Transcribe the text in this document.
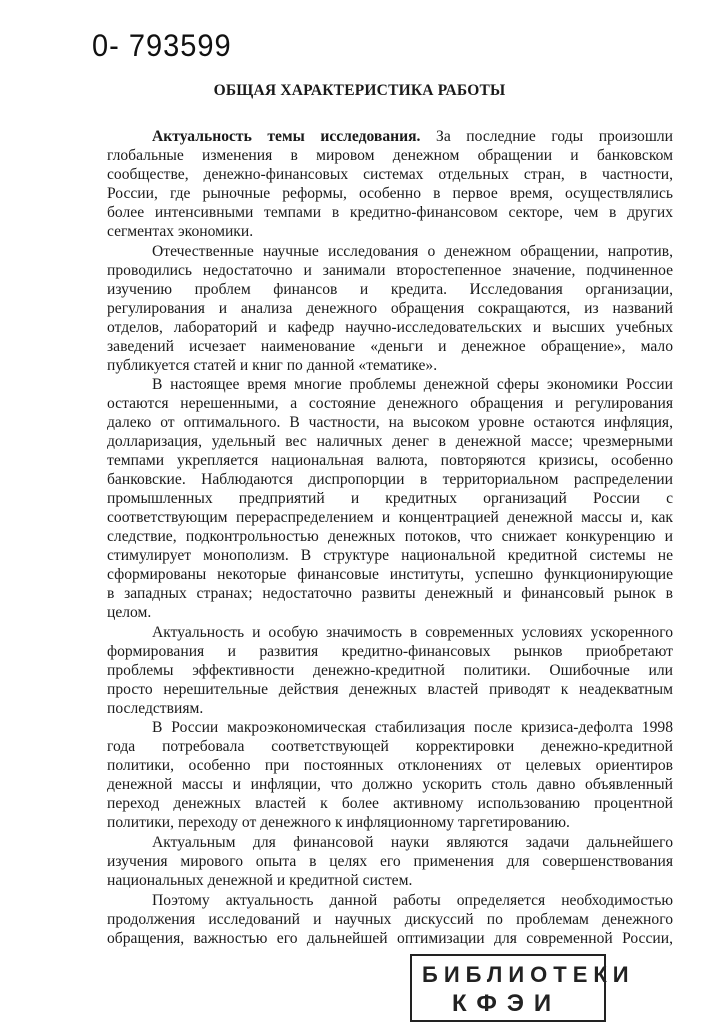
0- 793599
ОБЩАЯ ХАРАКТЕРИСТИКА РАБОТЫ
Актуальность темы исследования. За последние годы произошли
глобальные изменения в мировом денежном обращении и банковском
сообществе, денежно-финансовых системах отдельных стран, в частности,
России, где рыночные реформы, особенно в первое время, осуществлялись
более интенсивными темпами в кредитно-финансовом секторе, чем в других
сегментах экономики.
Отечественные научные исследования о денежном обращении, напротив,
проводились недостаточно и занимали второстепенное значение, подчиненное
изучению проблем финансов и кредита. Исследования организации,
регулирования и анализа денежного обращения сокращаются, из названий
отделов, лабораторий и кафедр научно-исследовательских и высших учебных
заведений исчезает наименование «деньги и денежное обращение», мало
публикуется статей и книг по данной «тематике».
В настоящее время многие проблемы денежной сферы экономики России
остаются нерешенными, а состояние денежного обращения и регулирования
далеко от оптимального. В частности, на высоком уровне остаются инфляция,
долларизация, удельный вес наличных денег в денежной массе; чрезмерными
темпами укрепляется национальная валюта, повторяются кризисы, особенно
банковские. Наблюдаются диспропорции в территориальном распределении
промышленных предприятий и кредитных организаций России с
соответствующим перераспределением и концентрацией денежной массы и, как
следствие, подконтрольностью денежных потоков, что снижает конкуренцию и
стимулирует монополизм. В структуре национальной кредитной системы не
сформированы некоторые финансовые институты, успешно функционирующие
в западных странах; недостаточно развиты денежный и финансовый рынок в
целом.
Актуальность и особую значимость в современных условиях ускоренного
формирования и развития кредитно-финансовых рынков приобретают
проблемы эффективности денежно-кредитной политики. Ошибочные или
просто нерешительные действия денежных властей приводят к неадекватным
последствиям.
В России макроэкономическая стабилизация после кризиса-дефолта 1998
года потребовала соответствующей корректировки денежно-кредитной
политики, особенно при постоянных отклонениях от целевых ориентиров
денежной массы и инфляции, что должно ускорить столь давно объявленный
переход денежных властей к более активному использованию процентной
политики, переходу от денежного к инфляционному таргетированию.
Актуальным для финансовой науки являются задачи дальнейшего
изучения мирового опыта в целях его применения для совершенствования
национальных денежной и кредитной систем.
Поэтому актуальность данной работы определяется необходимостью
продолжения исследований и научных дискуссий по проблемам денежного
обращения, важностью его дальнейшей оптимизации для современной России,
БИБЛИОТЕКИ
КФЭИ
